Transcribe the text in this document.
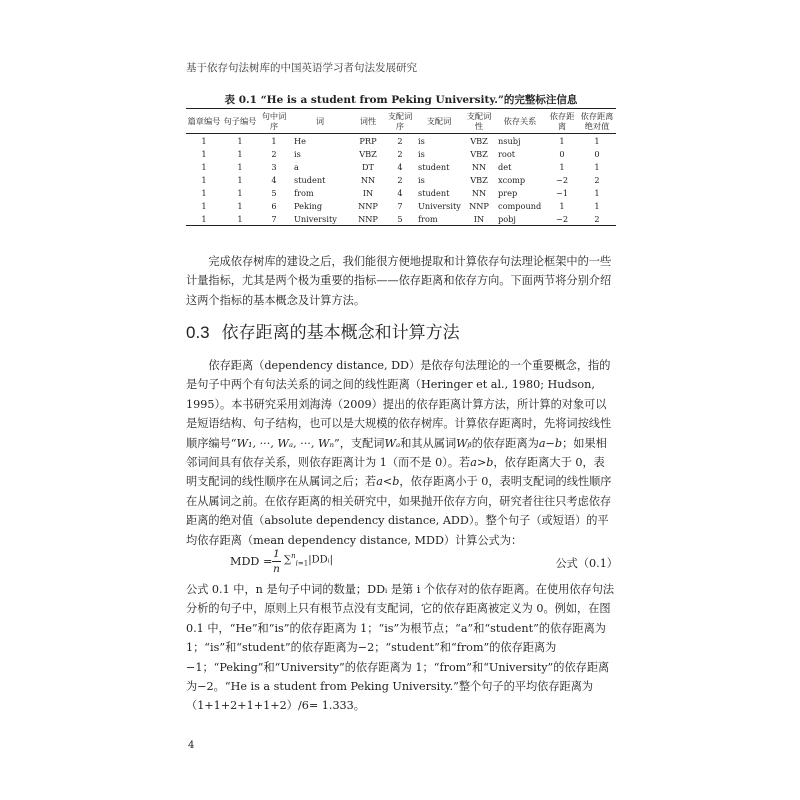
基于依存句法树库的中国英语学习者句法发展研究
表 0.1 “He is a student from Peking University.”的完整标注信息
篇章编号	句子编号	句中词序	词	词性	支配词序	支配词	支配词性	依存关系	依存距离	依存距离绝对值
1	1	1	He	PRP	2	is	VBZ	nsubj	1	1
1	1	2	is	VBZ	2	is	VBZ	root	0	0
1	1	3	a	DT	4	student	NN	det	1	1
1	1	4	student	NN	2	is	VBZ	xcomp	−2	2
1	1	5	from	IN	4	student	NN	prep	−1	1
1	1	6	Peking	NNP	7	University	NNP	compound	1	1
1	1	7	University	NNP	5	from	IN	pobj	−2	2

完成依存树库的建设之后，我们能很方便地提取和计算依存句法理论框架中的一些计量指标，尤其是两个极为重要的指标——依存距离和依存方向。下面两节将分别介绍这两个指标的基本概念及计算方法。

0.3 依存距离的基本概念和计算方法

依存距离（dependency distance, DD）是依存句法理论的一个重要概念，指的是句子中两个有句法关系的词之间的线性距离（Heringer et al., 1980; Hudson, 1995）。本书研究采用刘海涛（2009）提出的依存距离计算方法，所计算的对象可以是短语结构、句子结构，也可以是大规模的依存树库。计算依存距离时，先将词按线性顺序编号“W₁, ···, Wₐ, ···, Wₙ”，支配词Wₐ和其从属词Wᵦ的依存距离为a−b；如果相邻词间具有依存关系，则依存距离计为 1（而不是 0）。若a>b，依存距离大于 0，表明支配词的线性顺序在从属词之后；若a<b，依存距离小于 0，表明支配词的线性顺序在从属词之前。在依存距离的相关研究中，如果抛开依存方向，研究者往往只考虑依存距离的绝对值（absolute dependency distance, ADD）。整个句子（或短语）的平均依存距离（mean dependency distance, MDD）计算公式为：

MDD =
1
n
∑$^n_{i=1}$|DDᵢ|	公式（0.1）

公式 0.1 中，n 是句子中词的数量；DDᵢ 是第 i 个依存对的依存距离。在使用依存句法分析的句子中，原则上只有根节点没有支配词，它的依存距离被定义为 0。例如，在图 0.1 中，“He”和“is”的依存距离为 1；“is”为根节点；“a”和“student”的依存距离为 1；“is”和“student”的依存距离为−2；“student”和“from”的依存距离为−1；“Peking”和“University”的依存距离为 1；“from”和“University”的依存距离为−2。“He is a student from Peking University.”整个句子的平均依存距离为（1+1+2+1+1+2）/6= 1.333。

4
